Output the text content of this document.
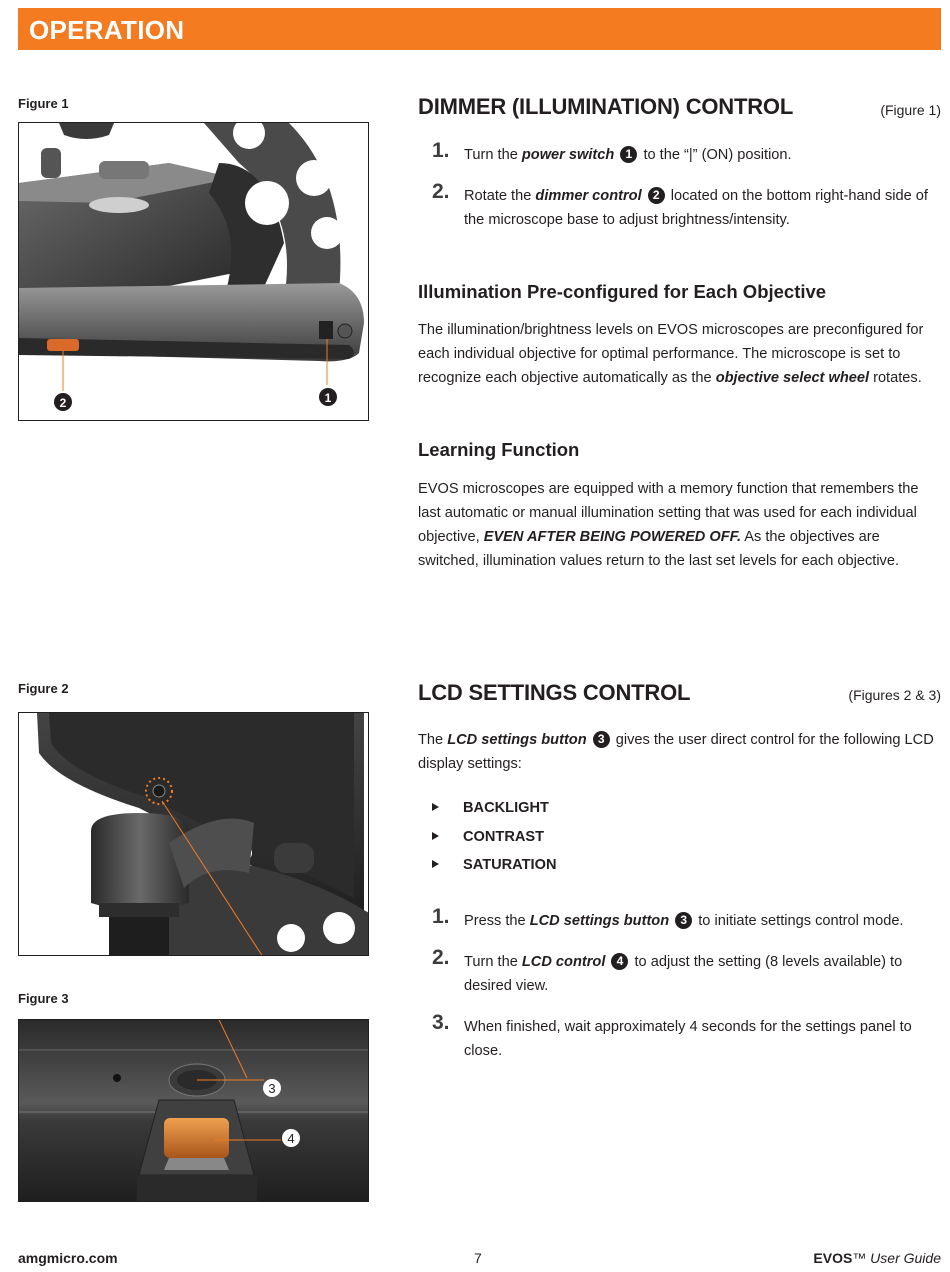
OPERATION
Figure 1
2	1
Figure 2
Figure 3
3
4
DIMMER (ILLUMINATION) CONTROL	(Figure 1)
1. Turn the power switch 1 to the “|” (ON) position.
2. Rotate the dimmer control 2 located on the bottom right-hand side of the microscope base to adjust brightness/intensity.
Illumination Pre-configured for Each Objective
The illumination/brightness levels on EVOS microscopes are preconfigured for each individual objective for optimal performance. The microscope is set to recognize each objective automatically as the objective select wheel rotates.
Learning Function
EVOS microscopes are equipped with a memory function that remembers the last automatic or manual illumination setting that was used for each individual objective, EVEN AFTER BEING POWERED OFF. As the objectives are switched, illumination values return to the last set levels for each objective.
LCD SETTINGS CONTROL	(Figures 2 & 3)
The LCD settings button 3 gives the user direct control for the following LCD display settings:
BACKLIGHT
CONTRAST
SATURATION
1. Press the LCD settings button 3 to initiate settings control mode.
2. Turn the LCD control 4 to adjust the setting (8 levels available) to desired view.
3. When finished, wait approximately 4 seconds for the settings panel to close.
amgmicro.com	7	EVOS™ User Guide
